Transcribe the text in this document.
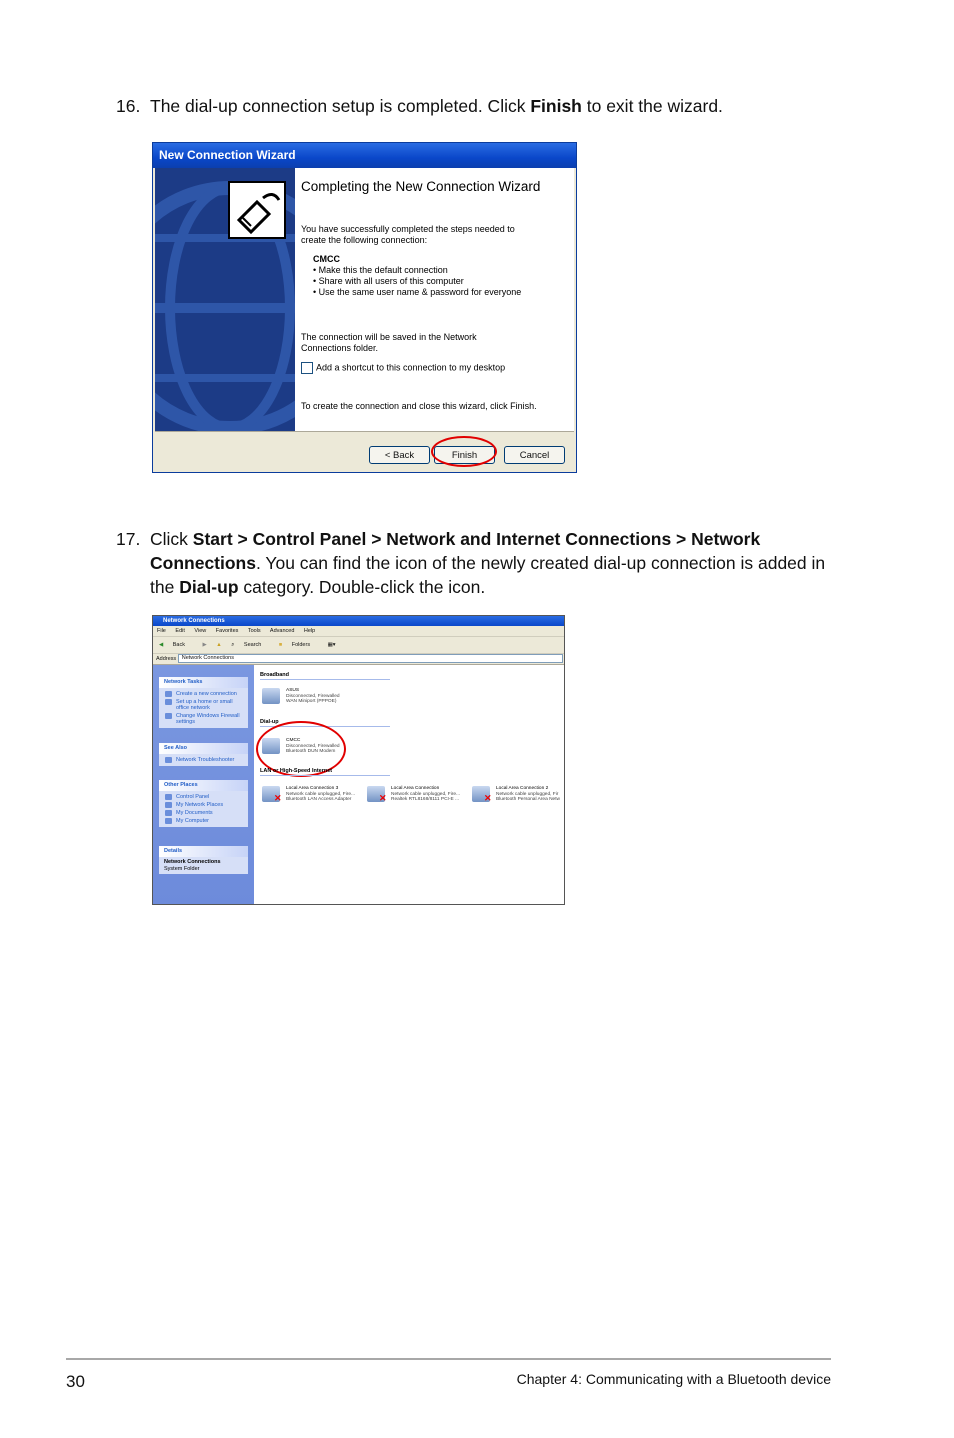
16. The dial-up connection setup is completed. Click Finish to exit the wizard.
New Connection Wizard
Completing the New Connection Wizard
You have successfully completed the steps needed to create the following connection:
CMCC
• Make this the default connection
• Share with all users of this computer
• Use the same user name & password for everyone
The connection will be saved in the Network Connections folder.
Add a shortcut to this connection to my desktop
To create the connection and close this wizard, click Finish.
< Back	Finish	Cancel
17. Click Start > Control Panel > Network and Internet Connections > Network Connections. You can find the icon of the newly created dial-up connection is added in the Dial-up category. Double-click the icon.
Network Connections
File Edit View Favorites Tools Advanced Help
◀ Back	▶ ▲ ⌕ Search	■ Folders	▦▾
Address Network Connections
Network Tasks
Create a new connection
Set up a home or small office network
Change Windows Firewall settings
See Also
Network Troubleshooter
Other Places
Control Panel
My Network Places
My Documents
My Computer
Details
Network Connections
System Folder
Broadband
ASUS
Disconnected, Firewalled
WAN Miniport (PPPOE)
Dial-up
CMCC
Disconnected, Firewalled
Bluetooth DUN Modem
LAN or High-Speed Internet
✕
Local Area Connection 3
Network cable unplugged, Fire...
Bluetooth LAN Access Adapter	✕
Local Area Connection
Network cable unplugged, Fire...
Realtek RTL8168/8111 PCI-E ...	✕
Local Area Connection 2
Network cable unplugged, Fir
Bluetooth Personal Area Netw
30	Chapter 4: Communicating with a Bluetooth device
